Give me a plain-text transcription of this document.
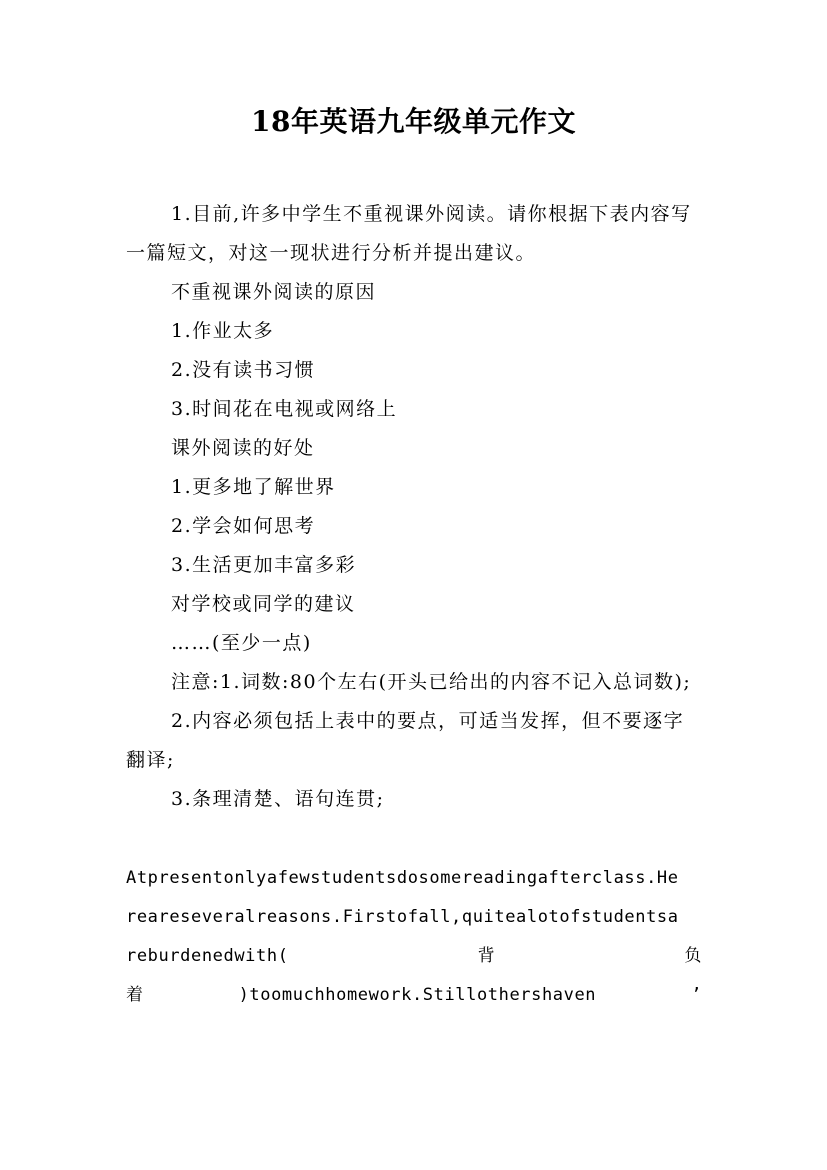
18年英语九年级单元作文

1.目前,许多中学生不重视课外阅读。请你根据下表内容写一篇短文，对这一现状进行分析并提出建议。

不重视课外阅读的原因

1.作业太多

2.没有读书习惯

3.时间花在电视或网络上

课外阅读的好处

1.更多地了解世界

2.学会如何思考

3.生活更加丰富多彩

对学校或同学的建议

……(至少一点)

注意:1.词数:80个左右(开头已给出的内容不记入总词数);

2.内容必须包括上表中的要点，可适当发挥，但不要逐字翻译;

3.条理清楚、语句连贯;

Atpresentonlyafewstudentsdosomereadingafterclass.He
reareseveralreasons.Firstofall,quitealotofstudentsa
reburdenedwith(	背	负
着	)toomuchhomework.Stillothershaven	’
